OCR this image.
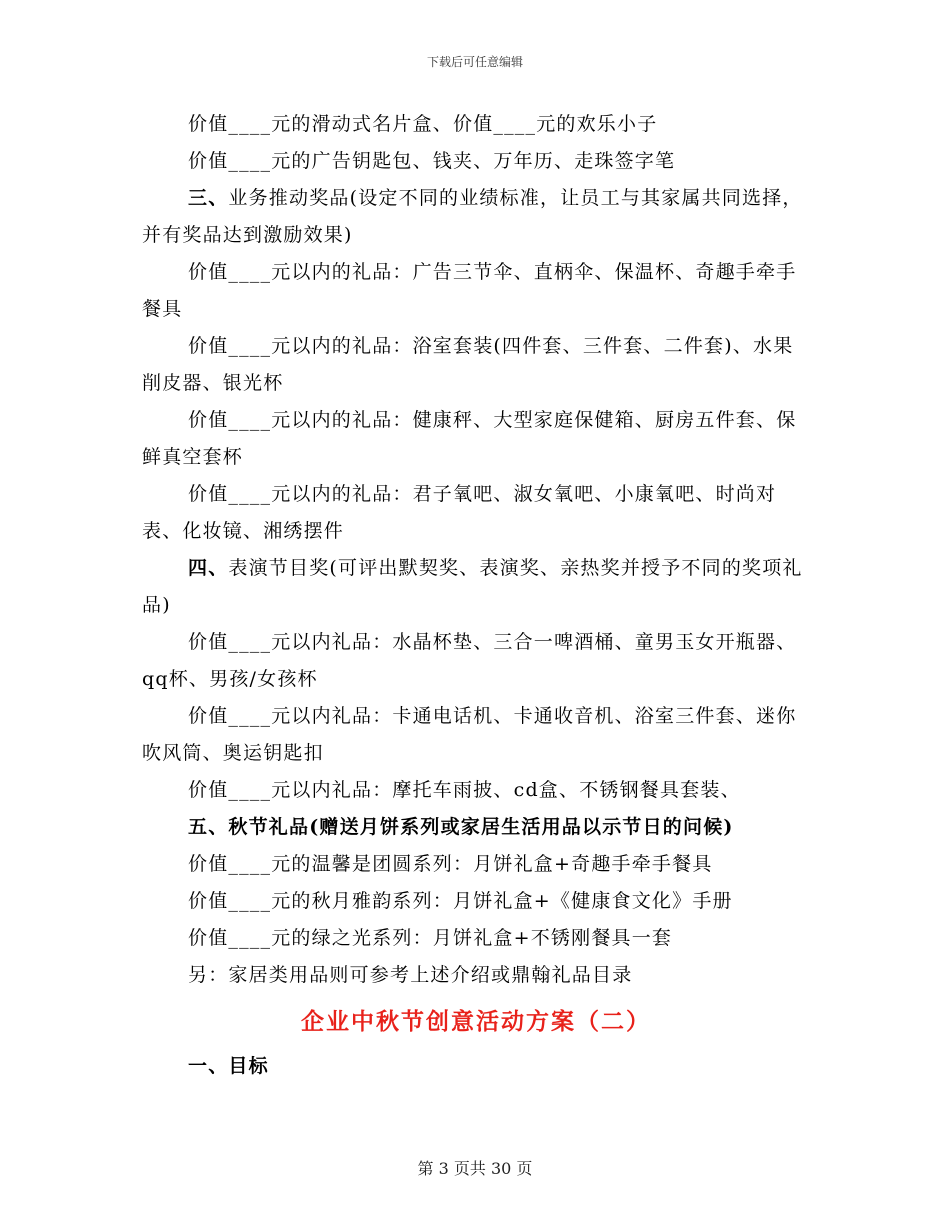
下载后可任意编辑

价值____元的滑动式名片盒、价值____元的欢乐小子

价值____元的广告钥匙包、钱夹、万年历、走珠签字笔

三、业务推动奖品(设定不同的业绩标准，让员工与其家属共同选择，并有奖品达到激励效果)

价值____元以内的礼品：广告三节伞、直柄伞、保温杯、奇趣手牵手餐具

价值____元以内的礼品：浴室套装(四件套、三件套、二件套)、水果削皮器、银光杯

价值____元以内的礼品：健康秤、大型家庭保健箱、厨房五件套、保鲜真空套杯

价值____元以内的礼品：君子氧吧、淑女氧吧、小康氧吧、时尚对表、化妆镜、湘绣摆件

四、表演节目奖(可评出默契奖、表演奖、亲热奖并授予不同的奖项礼品)

价值____元以内礼品：水晶杯垫、三合一啤酒桶、童男玉女开瓶器、qq杯、男孩/女孩杯

价值____元以内礼品：卡通电话机、卡通收音机、浴室三件套、迷你吹风筒、奥运钥匙扣

价值____元以内礼品：摩托车雨披、cd盒、不锈钢餐具套装、

五、秋节礼品(赠送月饼系列或家居生活用品以示节日的问候)

价值____元的温馨是团圆系列：月饼礼盒+奇趣手牵手餐具

价值____元的秋月雅韵系列：月饼礼盒+《健康食文化》手册

价值____元的绿之光系列：月饼礼盒+不锈刚餐具一套

另：家居类用品则可参考上述介绍或鼎翰礼品目录

企业中秋节创意活动方案（二）

一、目标

第 3 页共 30 页
